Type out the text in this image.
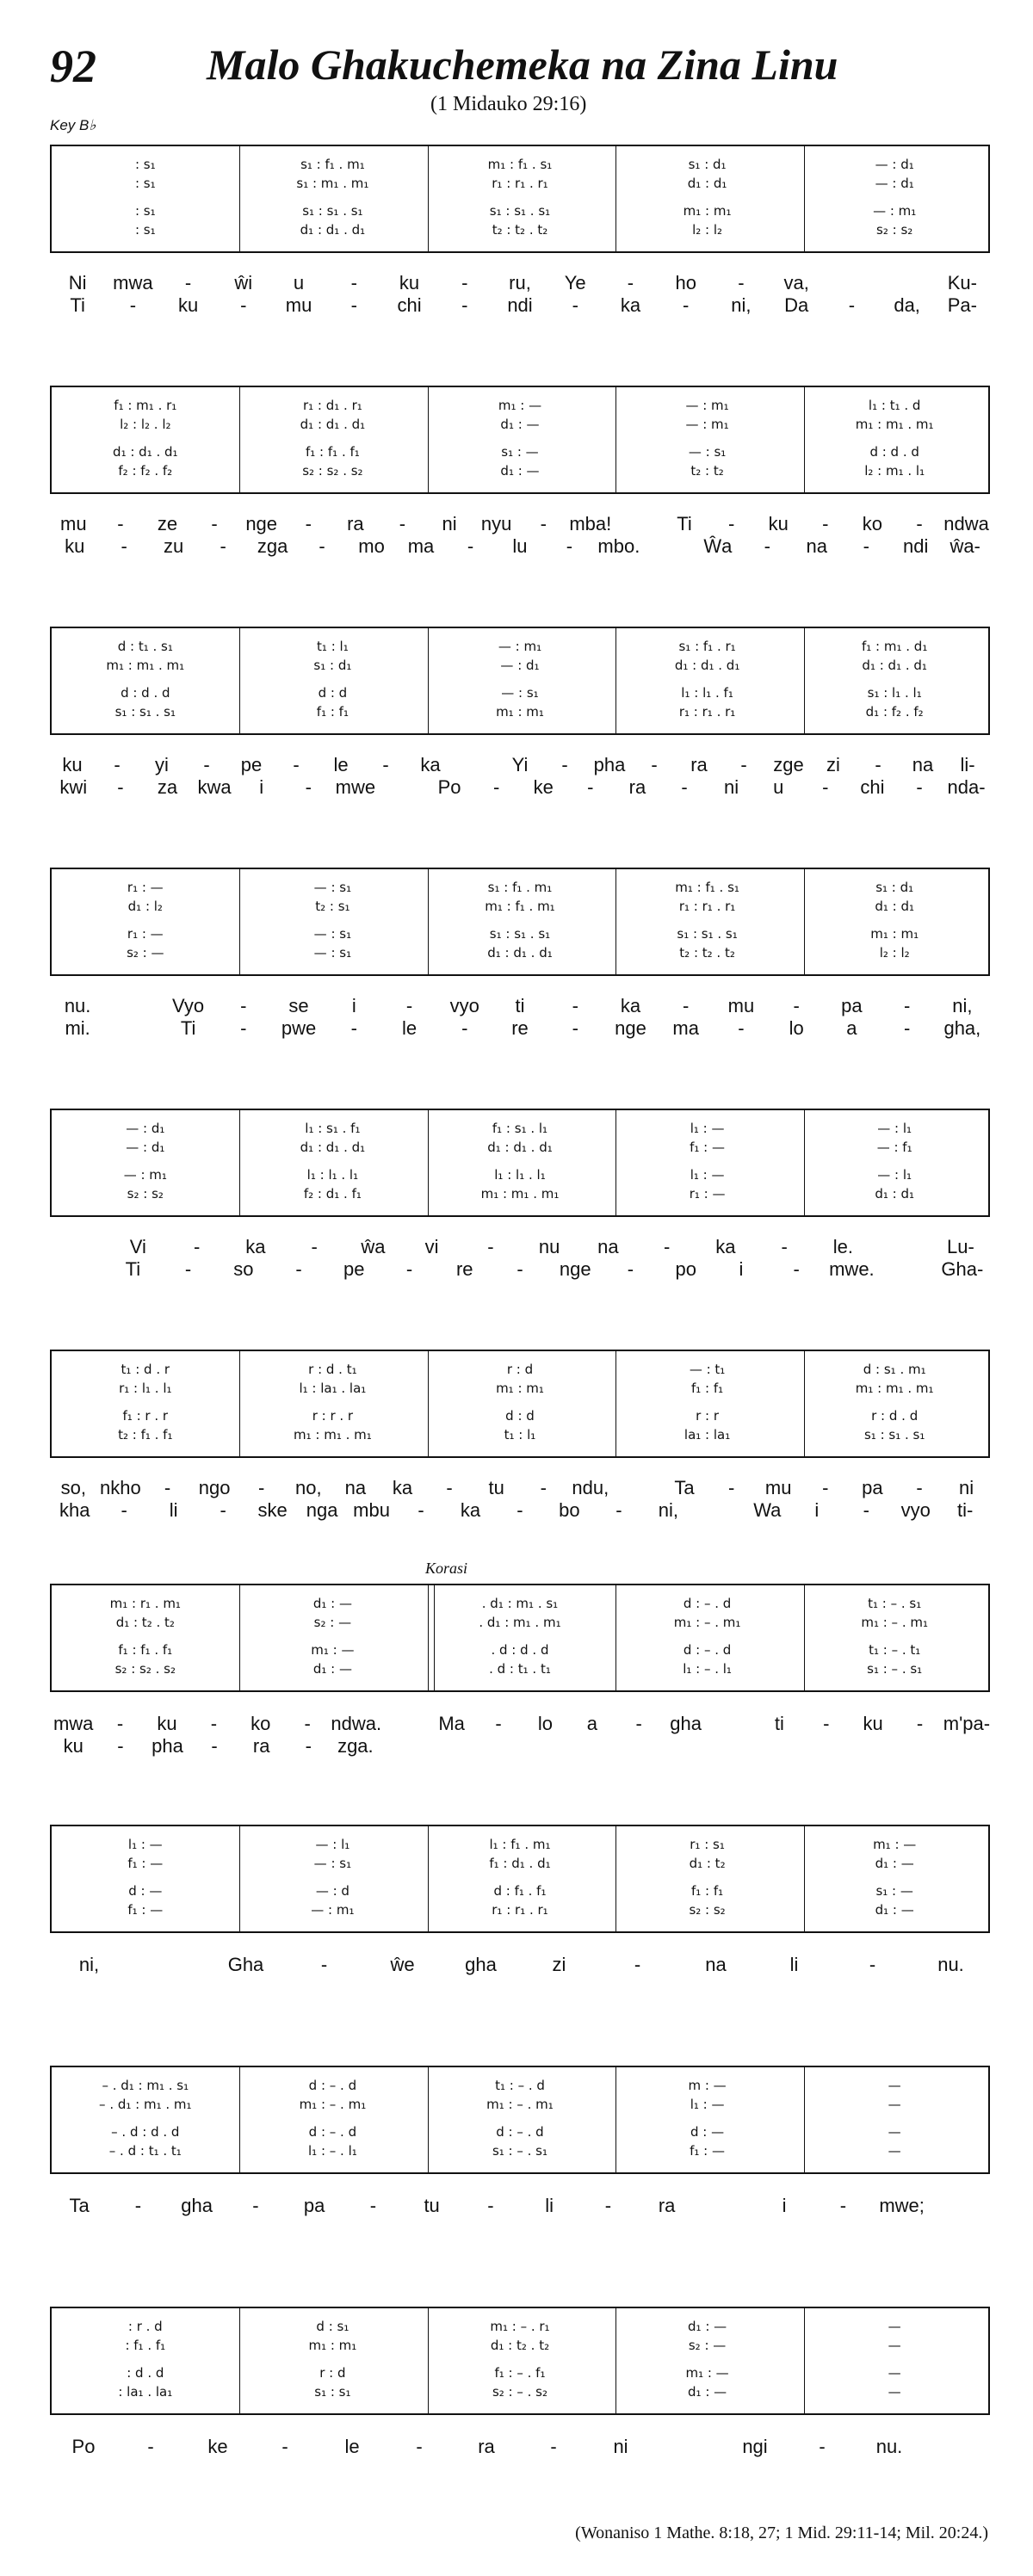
92	Malo Ghakuchemeka na Zina Linu
(1 Midauko 29:16)
Key B♭
: s₁	s₁ : f₁ . m₁	m₁ : f₁ . s₁	s₁ : d₁	— : d₁
: s₁	s₁ : m₁ . m₁	r₁ : r₁ . r₁	d₁ : d₁	— : d₁
: s₁	s₁ : s₁ . s₁	s₁ : s₁ . s₁	m₁ : m₁	— : m₁
: s₁	d₁ : d₁ . d₁	t₂ : t₂ . t₂	l₂ : l₂	s₂ : s₂
Ni	mwa	-	ŵi	u	-	ku	-	ru,	Ye	-	ho	-	va,	Ku-
Ti	-	ku	-	mu	-	chi	-	ndi	-	ka	-	ni,	Da	-	da,	Pa-
f₁ : m₁ . r₁	r₁ : d₁ . r₁	m₁ : —	— : m₁	l₁ : t₁ . d
l₂ : l₂ . l₂	d₁ : d₁ . d₁	d₁ : —	— : m₁	m₁ : m₁ . m₁
d₁ : d₁ . d₁	f₁ : f₁ . f₁	s₁ : —	— : s₁	d : d . d
f₂ : f₂ . f₂	s₂ : s₂ . s₂	d₁ : —	t₂ : t₂	l₂ : m₁ . l₁
mu	-	ze	-	nge	-	ra	-	ni	nyu	-	mba!	Ti	-	ku	-	ko	-	ndwa
ku	-	zu	-	zga	-	mo	ma	-	lu	-	mbo.	Ŵa	-	na	-	ndi	ŵa-
d : t₁ . s₁	t₁ : l₁	— : m₁	s₁ : f₁ . r₁	f₁ : m₁ . d₁
m₁ : m₁ . m₁	s₁ : d₁	— : d₁	d₁ : d₁ . d₁	d₁ : d₁ . d₁
d : d . d	d : d	— : s₁	l₁ : l₁ . f₁	s₁ : l₁ . l₁
s₁ : s₁ . s₁	f₁ : f₁	m₁ : m₁	r₁ : r₁ . r₁	d₁ : f₂ . f₂
ku	-	yi	-	pe	-	le	-	ka	Yi	-	pha	-	ra	-	zge	zi	-	na	li-
kwi	-	za	kwa	i	-	mwe	Po	-	ke	-	ra	-	ni	u	-	chi	-	nda-
r₁ : —	— : s₁	s₁ : f₁ . m₁	m₁ : f₁ . s₁	s₁ : d₁
d₁ : l₂	t₂ : s₁	m₁ : f₁ . m₁	r₁ : r₁ . r₁	d₁ : d₁
r₁ : —	— : s₁	s₁ : s₁ . s₁	s₁ : s₁ . s₁	m₁ : m₁
s₂ : —	— : s₁	d₁ : d₁ . d₁	t₂ : t₂ . t₂	l₂ : l₂
nu.	Vyo	-	se	i	-	vyo	ti	-	ka	-	mu	-	pa	-	ni,
mi.	Ti	-	pwe	-	le	-	re	-	nge	ma	-	lo	a	-	gha,
— : d₁	l₁ : s₁ . f₁	f₁ : s₁ . l₁	l₁ : —	— : l₁
— : d₁	d₁ : d₁ . d₁	d₁ : d₁ . d₁	f₁ : —	— : f₁
— : m₁	l₁ : l₁ . l₁	l₁ : l₁ . l₁	l₁ : —	— : l₁
s₂ : s₂	f₂ : d₁ . f₁	m₁ : m₁ . m₁	r₁ : —	d₁ : d₁
Vi	-	ka	-	ŵa	vi	-	nu	na	-	ka	-	le.	Lu-
Ti	-	so	-	pe	-	re	-	nge	-	po	i	-	mwe.	Gha-
t₁ : d . r	r : d . t₁	r : d	— : t₁	d : s₁ . m₁
r₁ : l₁ . l₁	l₁ : la₁ . la₁	m₁ : m₁	f₁ : f₁	m₁ : m₁ . m₁
f₁ : r . r	r : r . r	d : d	r : r	r : d . d
t₂ : f₁ . f₁	m₁ : m₁ . m₁	t₁ : l₁	la₁ : la₁	s₁ : s₁ . s₁
so, nkho	-	ngo	-	no,	na	ka	-	tu	-	ndu,	Ta	-	mu	-	pa	-	ni
kha	-	li	-	ske nga mbu	-	ka	-	bo	-	ni,	Wa	i	-	vyo	ti-
m₁ : r₁ . m₁	d₁ : —	. d₁ : m₁ . s₁	d : – . d	t₁ : – . s₁
d₁ : t₂ . t₂	s₂ : —	. d₁ : m₁ . m₁	m₁ : – . m₁	m₁ : – . m₁
f₁ : f₁ . f₁	m₁ : —	. d : d . d	d : – . d	t₁ : – . t₁
s₂ : s₂ . s₂	d₁ : —	. d : t₁ . t₁	l₁ : – . l₁	s₁ : – . s₁
mwa	-	ku	-	ko	-	ndwa.	Ma	-	lo	a	-	gha	ti	-	ku	-	m'pa-
ku	-	pha	-	ra	-	zga.
l₁ : —	— : l₁	l₁ : f₁ . m₁	r₁ : s₁	m₁ : —
f₁ : —	— : s₁	f₁ : d₁ . d₁	d₁ : t₂	d₁ : —
d : —	— : d	d : f₁ . f₁	f₁ : f₁	s₁ : —
f₁ : —	— : m₁	r₁ : r₁ . r₁	s₂ : s₂	d₁ : —
ni,	Gha	-	ŵe	gha	zi	-	na	li	-	nu.
– . d₁ : m₁ . s₁	d : – . d	t₁ : – . d	m : —	—
– . d₁ : m₁ . m₁	m₁ : – . m₁	m₁ : – . m₁	l₁ : —	—
– . d : d . d	d : – . d	d : – . d	d : —	—
– . d : t₁ . t₁	l₁ : – . l₁	s₁ : – . s₁	f₁ : —	—
Ta	-	gha	-	pa	-	tu	-	li	-	ra	i	-	mwe;
: r . d	d : s₁	m₁ : – . r₁	d₁ : —	—
: f₁ . f₁	m₁ : m₁	d₁ : t₂ . t₂	s₂ : —	—
: d . d	r : d	f₁ : – . f₁	m₁ : —	—
: la₁ . la₁	s₁ : s₁	s₂ : – . s₂	d₁ : —	—
Po	-	ke	-	le	-	ra	-	ni	ngi	-	nu.
Korasi
(Wonaniso 1 Mathe. 8:18, 27; 1 Mid. 29:11-14; Mil. 20:24.)
